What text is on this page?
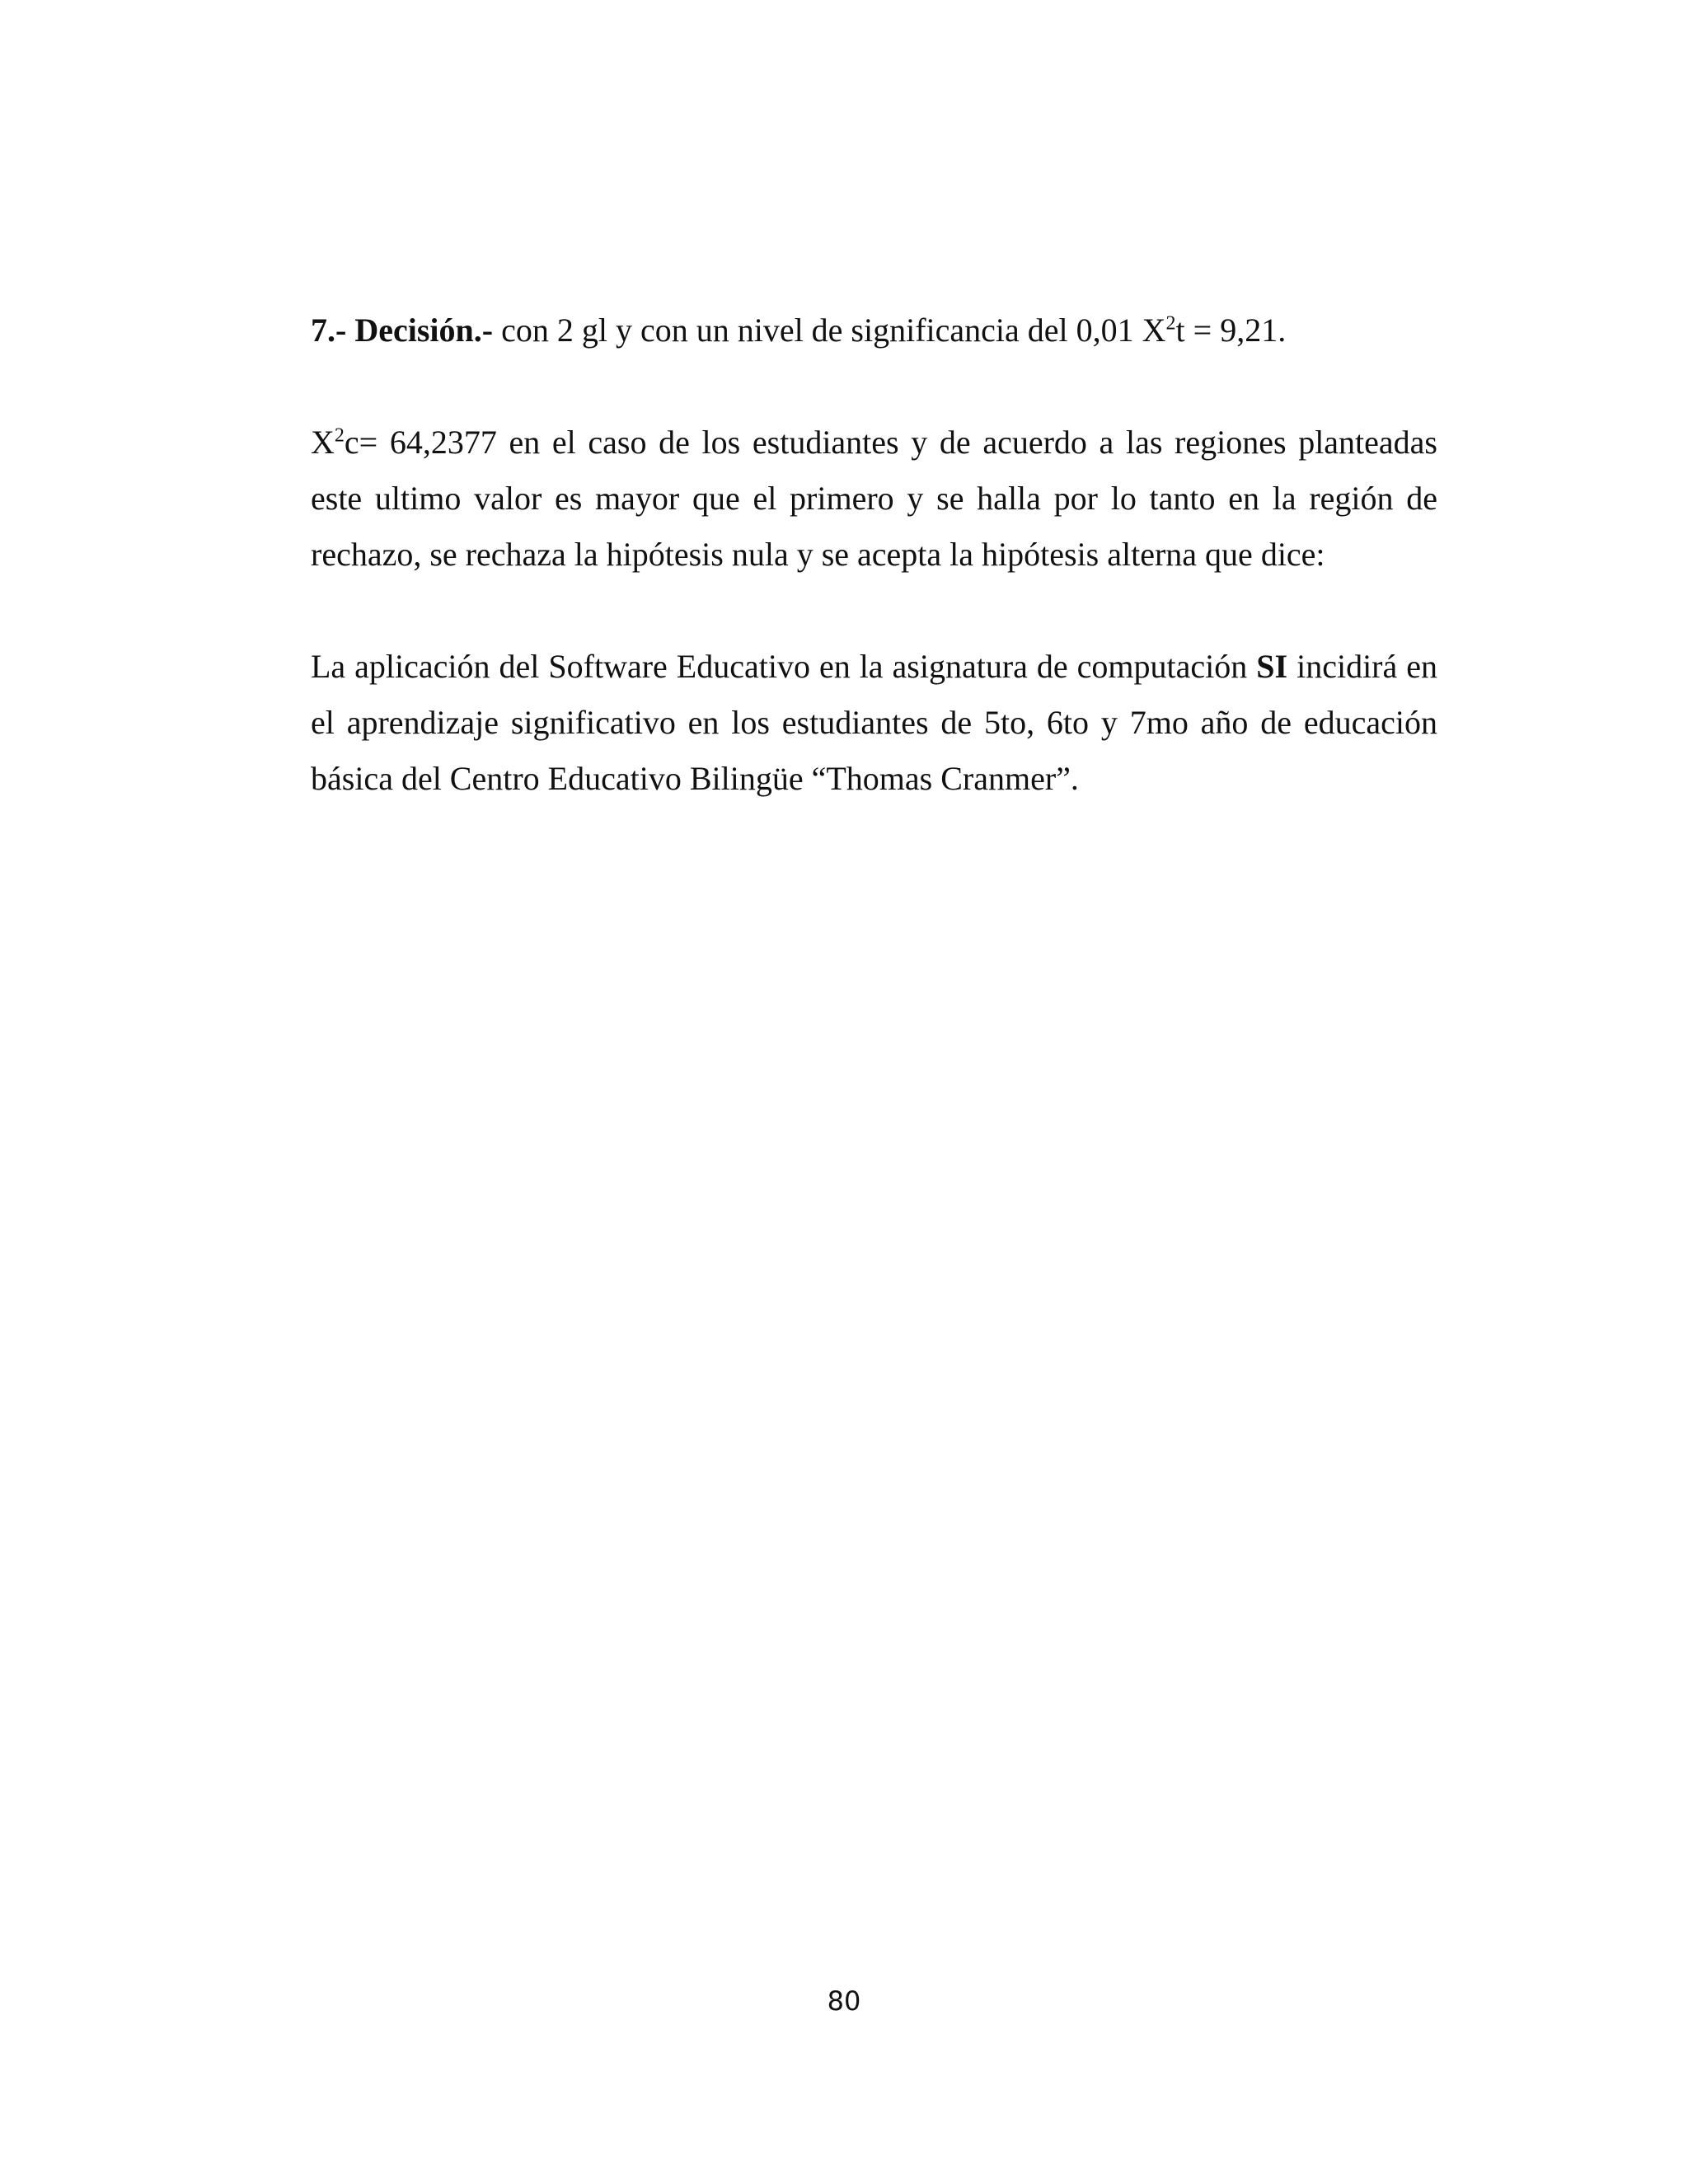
7.- Decisión.- con 2 gl y con un nivel de significancia del 0,01 $X^2t = 9,21$.

$X^2c= 64,2377$ en el caso de los estudiantes y de acuerdo a las regiones planteadas este ultimo valor es mayor que el primero y se halla por lo tanto en la región de rechazo, se rechaza la hipótesis nula y se acepta la hipótesis alterna que dice:

La aplicación del Software Educativo en la asignatura de computación SI incidirá en el aprendizaje significativo en los estudiantes de 5to, 6to y 7mo año de educación básica del Centro Educativo Bilingüe “Thomas Cranmer”.

80
